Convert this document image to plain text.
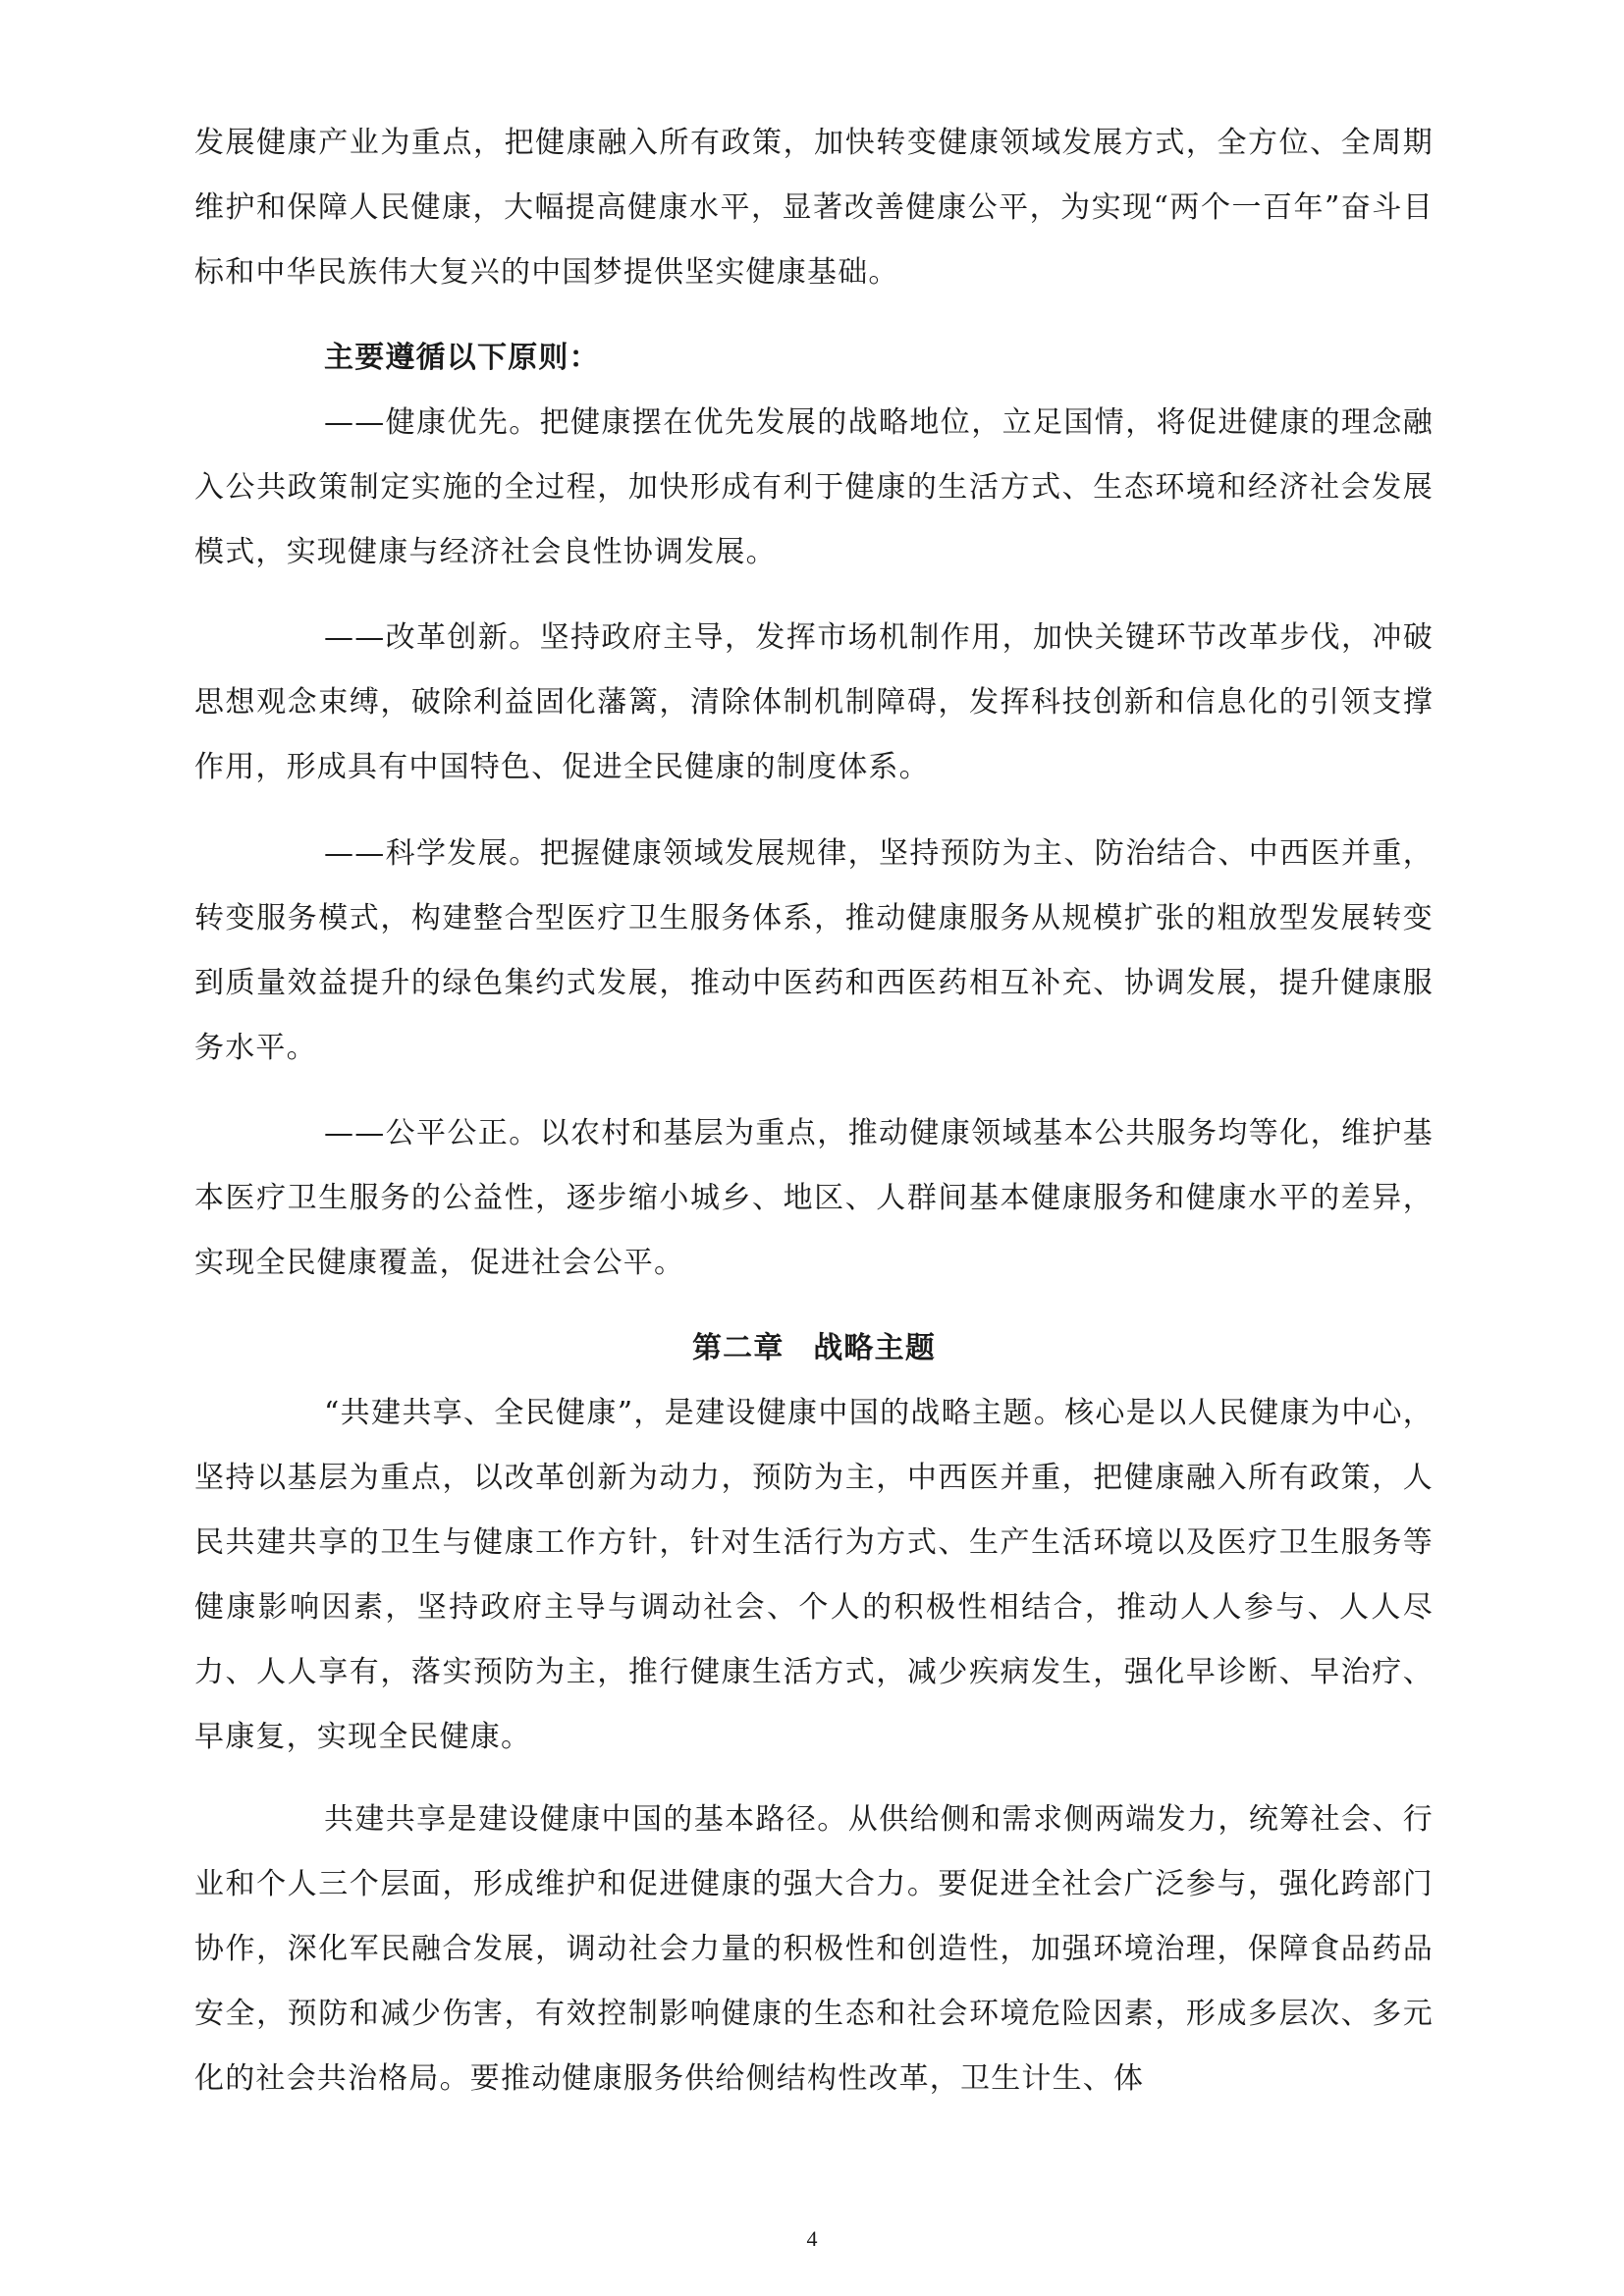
发展健康产业为重点，把健康融入所有政策，加快转变健康领域发展方式，全方位、全周期维护和保障人民健康，大幅提高健康水平，显著改善健康公平，为实现“两个一百年”奋斗目标和中华民族伟大复兴的中国梦提供坚实健康基础。

主要遵循以下原则：

——健康优先。把健康摆在优先发展的战略地位，立足国情，将促进健康的理念融入公共政策制定实施的全过程，加快形成有利于健康的生活方式、生态环境和经济社会发展模式，实现健康与经济社会良性协调发展。

——改革创新。坚持政府主导，发挥市场机制作用，加快关键环节改革步伐，冲破思想观念束缚，破除利益固化藩篱，清除体制机制障碍，发挥科技创新和信息化的引领支撑作用，形成具有中国特色、促进全民健康的制度体系。

——科学发展。把握健康领域发展规律，坚持预防为主、防治结合、中西医并重，转变服务模式，构建整合型医疗卫生服务体系，推动健康服务从规模扩张的粗放型发展转变到质量效益提升的绿色集约式发展，推动中医药和西医药相互补充、协调发展，提升健康服务水平。

——公平公正。以农村和基层为重点，推动健康领域基本公共服务均等化，维护基本医疗卫生服务的公益性，逐步缩小城乡、地区、人群间基本健康服务和健康水平的差异，实现全民健康覆盖，促进社会公平。

第二章 战略主题

“共建共享、全民健康”，是建设健康中国的战略主题。核心是以人民健康为中心，坚持以基层为重点，以改革创新为动力，预防为主，中西医并重，把健康融入所有政策，人民共建共享的卫生与健康工作方针，针对生活行为方式、生产生活环境以及医疗卫生服务等健康影响因素，坚持政府主导与调动社会、个人的积极性相结合，推动人人参与、人人尽力、人人享有，落实预防为主，推行健康生活方式，减少疾病发生，强化早诊断、早治疗、早康复，实现全民健康。

共建共享是建设健康中国的基本路径。从供给侧和需求侧两端发力，统筹社会、行业和个人三个层面，形成维护和促进健康的强大合力。要促进全社会广泛参与，强化跨部门协作，深化军民融合发展，调动社会力量的积极性和创造性，加强环境治理，保障食品药品安全，预防和减少伤害，有效控制影响健康的生态和社会环境危险因素，形成多层次、多元化的社会共治格局。要推动健康服务供给侧结构性改革，卫生计生、体

4
